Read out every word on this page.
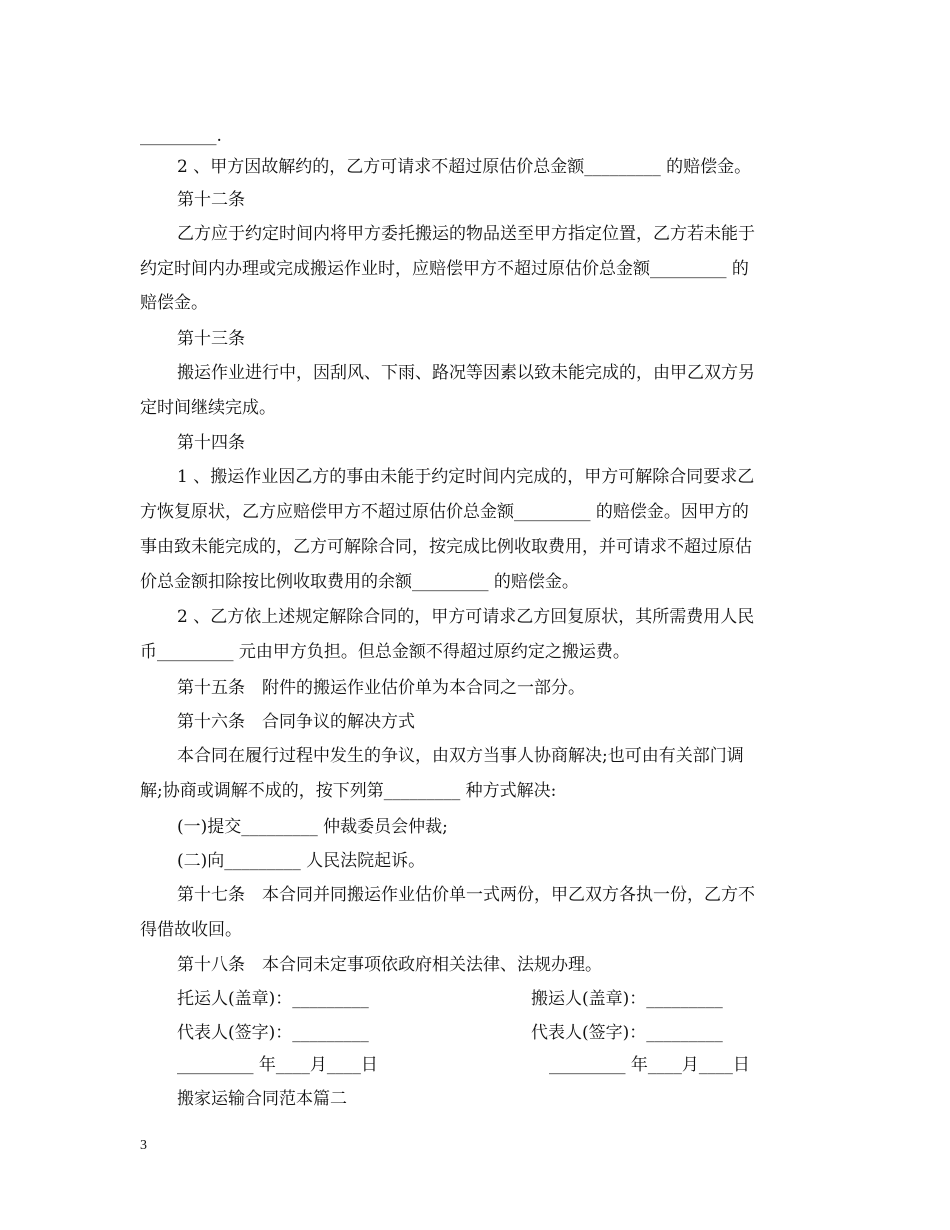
_________.
2 、甲方因故解约的，乙方可请求不超过原估价总金额_________ 的赔偿金。
第十二条
乙方应于约定时间内将甲方委托搬运的物品送至甲方指定位置，乙方若未能于
约定时间内办理或完成搬运作业时，应赔偿甲方不超过原估价总金额_________ 的
赔偿金。
第十三条
搬运作业进行中，因刮风、下雨、路况等因素以致未能完成的，由甲乙双方另
定时间继续完成。
第十四条
1 、搬运作业因乙方的事由未能于约定时间内完成的，甲方可解除合同要求乙
方恢复原状，乙方应赔偿甲方不超过原估价总金额_________ 的赔偿金。因甲方的
事由致未能完成的，乙方可解除合同，按完成比例收取费用，并可请求不超过原估
价总金额扣除按比例收取费用的余额_________ 的赔偿金。
2 、乙方依上述规定解除合同的，甲方可请求乙方回复原状，其所需费用人民
币_________ 元由甲方负担。但总金额不得超过原约定之搬运费。
第十五条　附件的搬运作业估价单为本合同之一部分。
第十六条　合同争议的解决方式
本合同在履行过程中发生的争议，由双方当事人协商解决;也可由有关部门调
解;协商或调解不成的，按下列第_________ 种方式解决:
(一)提交_________ 仲裁委员会仲裁;
(二)向_________ 人民法院起诉。
第十七条　本合同并同搬运作业估价单一式两份，甲乙双方各执一份，乙方不
得借故收回。
第十八条　本合同未定事项依政府相关法律、法规办理。
托运人(盖章)：_________	搬运人(盖章)：_________
代表人(签字)：_________	代表人(签字)：_________
_________ 年____月____日	_________ 年____月____日
搬家运输合同范本篇二
3
